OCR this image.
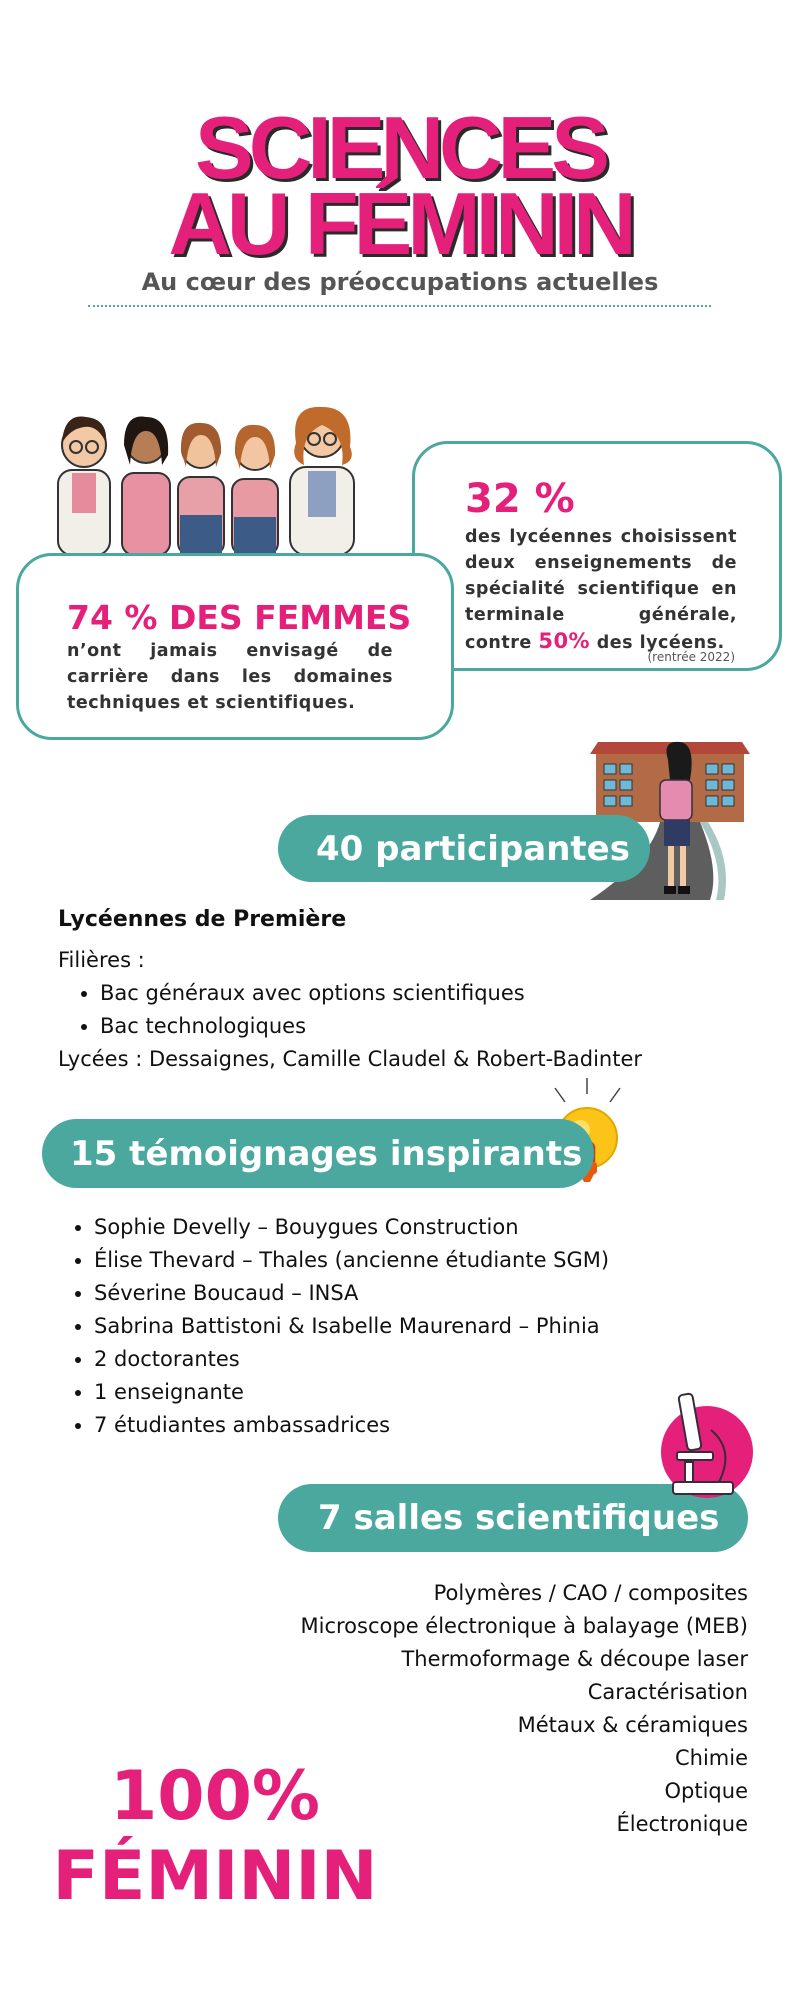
SCIENCES
AU FÉMININ
Au cœur des préoccupations actuelles
32 %
des lycéennes choisissent deux enseignements de spécialité scientifique en terminale générale, contre 50% des lycéens.
(rentrée 2022)
74 % DES FEMMES
n’ont jamais envisagé de carrière dans les domaines techniques et scientifiques.
40 participantes
Lycéennes de Première
Filières :
• Bac généraux avec options scientifiques
• Bac technologiques
Lycées : Dessaignes, Camille Claudel & Robert-Badinter
15 témoignages inspirants
• Sophie Develly – Bouygues Construction
• Élise Thevard – Thales (ancienne étudiante SGM)
• Séverine Boucaud – INSA
• Sabrina Battistoni & Isabelle Maurenard – Phinia
• 2 doctorantes
• 1 enseignante
• 7 étudiantes ambassadrices
7 salles scientifiques
Polymères / CAO / composites
Microscope électronique à balayage (MEB)
Thermoformage & découpe laser
Caractérisation
Métaux & céramiques
Chimie
Optique
Électronique
100%
FÉMININ
